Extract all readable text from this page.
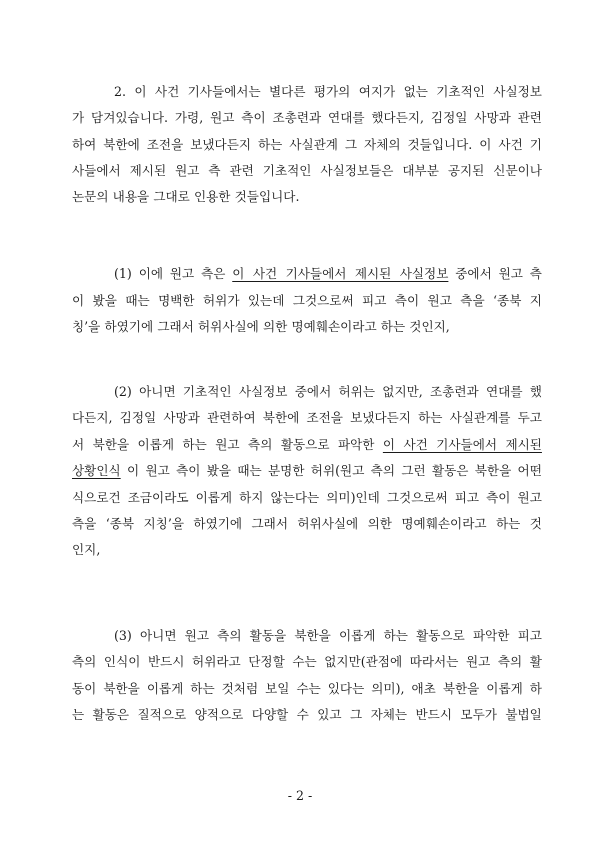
2. 이 사건 기사들에서는 별다른 평가의 여지가 없는 기초적인 사실정보
가 담겨있습니다. 가령, 원고 측이 조총련과 연대를 했다든지, 김정일 사망과 관련
하여 북한에 조전을 보냈다든지 하는 사실관계 그 자체의 것들입니다. 이 사건 기
사들에서 제시된 원고 측 관련 기초적인 사실정보들은 대부분 공지된 신문이나
논문의 내용을 그대로 인용한 것들입니다.
(1) 이에 원고 측은 이 사건 기사들에서 제시된 사실정보 중에서 원고 측
이 봤을 때는 명백한 허위가 있는데 그것으로써 피고 측이 원고 측을 ‘종북 지
칭’을 하였기에 그래서 허위사실에 의한 명예훼손이라고 하는 것인지,
(2) 아니면 기초적인 사실정보 중에서 허위는 없지만, 조총련과 연대를 했
다든지, 김정일 사망과 관련하여 북한에 조전을 보냈다든지 하는 사실관계를 두고
서 북한을 이롭게 하는 원고 측의 활동으로 파악한 이 사건 기사들에서 제시된
상황인식 이 원고 측이 봤을 때는 분명한 허위(원고 측의 그런 활동은 북한을 어떤
식으로건 조금이라도 이롭게 하지 않는다는 의미)인데 그것으로써 피고 측이 원고
측을 ‘종북 지칭’을 하였기에 그래서 허위사실에 의한 명예훼손이라고 하는 것
인지,
(3) 아니면 원고 측의 활동을 북한을 이롭게 하는 활동으로 파악한 피고
측의 인식이 반드시 허위라고 단정할 수는 없지만(관점에 따라서는 원고 측의 활
동이 북한을 이롭게 하는 것처럼 보일 수는 있다는 의미), 애초 북한을 이롭게 하
는 활동은 질적으로 양적으로 다양할 수 있고 그 자체는 반드시 모두가 불법일
- 2 -
